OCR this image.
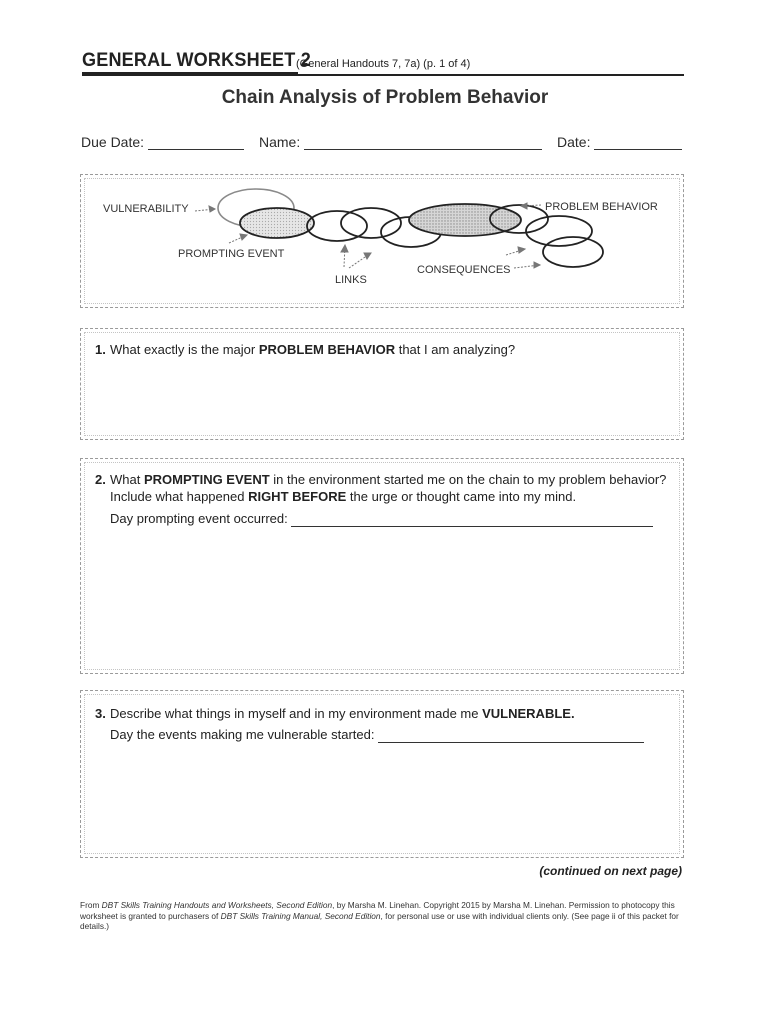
GENERAL WORKSHEET 2
(General Handouts 7, 7a) (p. 1 of 4)
Chain Analysis of Problem Behavior
Due Date:	Name:	Date:
VULNERABILITY
PROMPTING EVENT
LINKS
PROBLEM BEHAVIOR
CONSEQUENCES
1. What exactly is the major PROBLEM BEHAVIOR that I am analyzing?
2. What PROMPTING EVENT in the environment started me on the chain to my problem behavior? Include what happened RIGHT BEFORE the urge or thought came into my mind.
Day prompting event occurred:
3. Describe what things in myself and in my environment made me VULNERABLE.
Day the events making me vulnerable started:
(continued on next page)
From DBT Skills Training Handouts and Worksheets, Second Edition, by Marsha M. Linehan. Copyright 2015 by Marsha M. Linehan. Permission to photocopy this worksheet is granted to purchasers of DBT Skills Training Manual, Second Edition, for personal use or use with individual clients only. (See page ii of this packet for details.)
